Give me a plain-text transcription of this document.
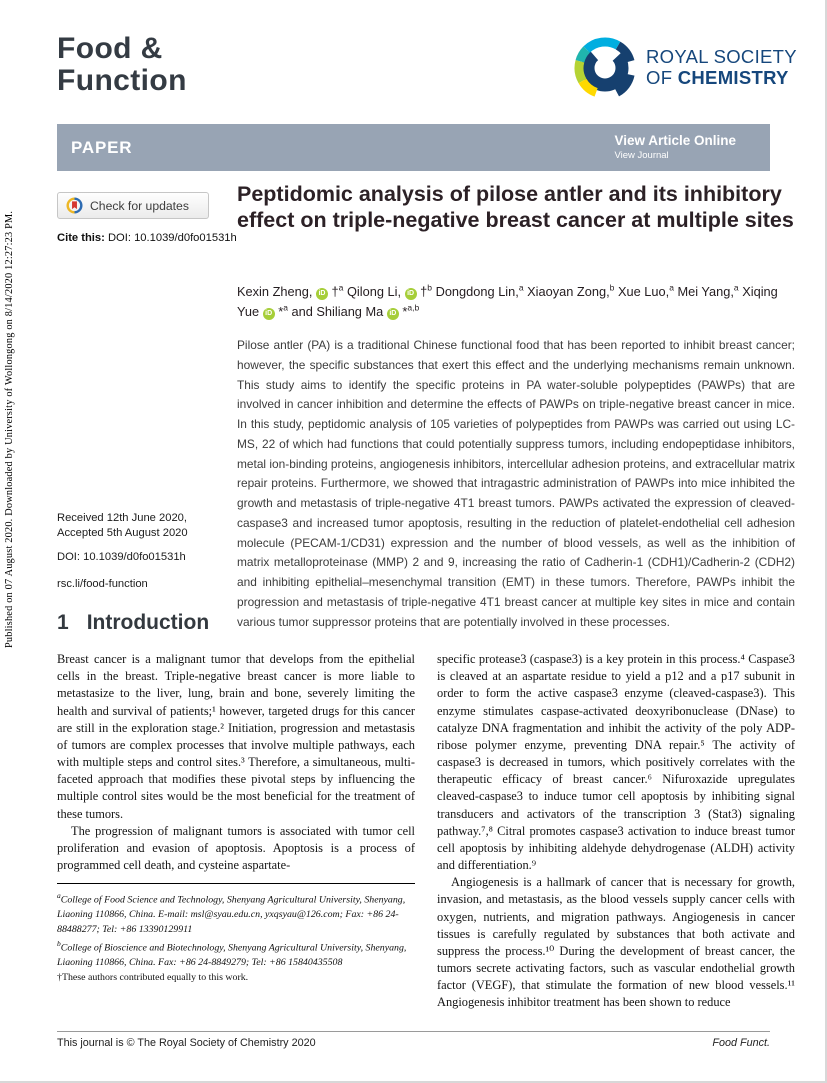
Published on 07 August 2020. Downloaded by University of Wollongong on 8/14/2020 12:27:23 PM.
Food &
Function
ROYAL SOCIETY
OF CHEMISTRY
PAPER	View Article Online
View Journal
Check for updates
Cite this: DOI: 10.1039/d0fo01531h
Peptidomic analysis of pilose antler and its inhibitory effect on triple-negative breast cancer at multiple sites
Kexin Zheng, iD †$^a$ Qilong Li, iD †$^b$ Dongdong Lin,$^a$ Xiaoyan Zong,$^b$ Xue Luo,$^a$ Mei Yang,$^a$ Xiqing Yue iD *$^a$ and Shiliang Ma iD *$^{a,b}$
Pilose antler (PA) is a traditional Chinese functional food that has been reported to inhibit breast cancer; however, the specific substances that exert this effect and the underlying mechanisms remain unknown. This study aims to identify the specific proteins in PA water-soluble polypeptides (PAWPs) that are involved in cancer inhibition and determine the effects of PAWPs on triple-negative breast cancer in mice. In this study, peptidomic analysis of 105 varieties of polypeptides from PAWPs was carried out using LC-MS, 22 of which had functions that could potentially suppress tumors, including endopeptidase inhibitors, metal ion-binding proteins, angiogenesis inhibitors, intercellular adhesion proteins, and extracellular matrix repair proteins. Furthermore, we showed that intragastric administration of PAWPs into mice inhibited the growth and metastasis of triple-negative 4T1 breast tumors. PAWPs activated the expression of cleaved-caspase3 and increased tumor apoptosis, resulting in the reduction of platelet-endothelial cell adhesion molecule (PECAM-1/CD31) expression and the number of blood vessels, as well as the inhibition of matrix metalloproteinase (MMP) 2 and 9, increasing the ratio of Cadherin-1 (CDH1)/Cadherin-2 (CDH2) and inhibiting epithelial–mesenchymal transition (EMT) in these tumors. Therefore, PAWPs inhibit the progression and metastasis of triple-negative 4T1 breast cancer at multiple key sites in mice and contain various tumor suppressor proteins that are potentially involved in these processes.
Received 12th June 2020,
Accepted 5th August 2020
DOI: 10.1039/d0fo01531h
rsc.li/food-function
1 Introduction

Breast cancer is a malignant tumor that develops from the epithelial cells in the breast. Triple-negative breast cancer is more liable to metastasize to the liver, lung, brain and bone, severely limiting the health and survival of patients;¹ however, targeted drugs for this cancer are still in the exploration stage.² Initiation, progression and metastasis of tumors are complex processes that involve multiple pathways, each with multiple steps and control sites.³ Therefore, a simultaneous, multi-faceted approach that modifies these pivotal steps by influencing the multiple control sites would be the most beneficial for the treatment of these tumors.

The progression of malignant tumors is associated with tumor cell proliferation and evasion of apoptosis. Apoptosis is a process of programmed cell death, and cysteine aspartate-

$^a$College of Food Science and Technology, Shenyang Agricultural University, Shenyang, Liaoning 110866, China. E-mail: msl@syau.edu.cn, yxqsyau@126.com; Fax: +86 24-88488277; Tel: +86 13390129911
$^b$College of Bioscience and Biotechnology, Shenyang Agricultural University, Shenyang, Liaoning 110866, China. Fax: +86 24-8849279; Tel: +86 15840435508
†These authors contributed equally to this work.

specific protease3 (caspase3) is a key protein in this process.⁴ Caspase3 is cleaved at an aspartate residue to yield a p12 and a p17 subunit in order to form the active caspase3 enzyme (cleaved-caspase3). This enzyme stimulates caspase-activated deoxyribonuclease (DNase) to catalyze DNA fragmentation and inhibit the activity of the poly ADP-ribose polymer enzyme, preventing DNA repair.⁵ The activity of caspase3 is decreased in tumors, which positively correlates with the therapeutic efficacy of breast cancer.⁶ Nifuroxazide upregulates cleaved-caspase3 to induce tumor cell apoptosis by inhibiting signal transducers and activators of the transcription 3 (Stat3) signaling pathway.⁷,⁸ Citral promotes caspase3 activation to induce breast tumor cell apoptosis by inhibiting aldehyde dehydrogenase (ALDH) activity and differentiation.⁹

Angiogenesis is a hallmark of cancer that is necessary for growth, invasion, and metastasis, as the blood vessels supply cancer cells with oxygen, nutrients, and migration pathways. Angiogenesis in cancer tissues is carefully regulated by substances that both activate and suppress the process.¹⁰ During the development of breast cancer, the tumors secrete activating factors, such as vascular endothelial growth factor (VEGF), that stimulate the formation of new blood vessels.¹¹ Angiogenesis inhibitor treatment has been shown to reduce

This journal is © The Royal Society of Chemistry 2020	Food Funct.
